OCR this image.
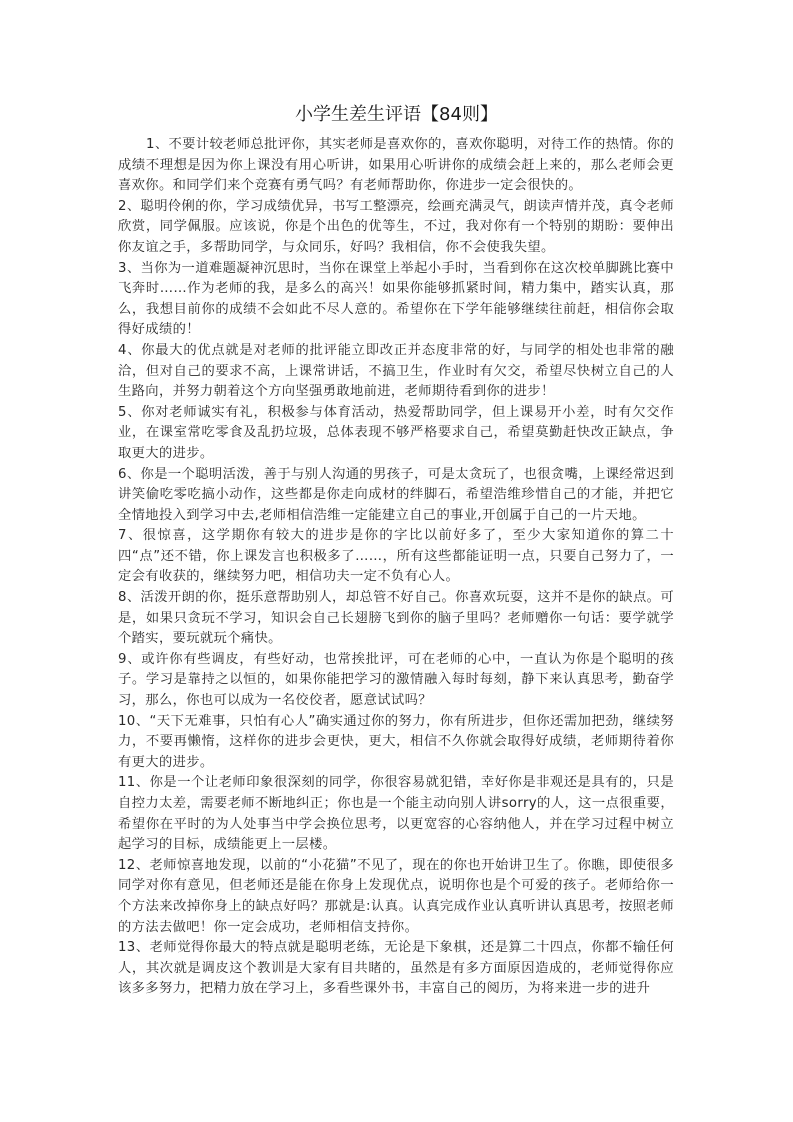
小学生差生评语【84则】

1、不要计较老师总批评你，其实老师是喜欢你的，喜欢你聪明，对待工作的热情。你的成绩不理想是因为你上课没有用心听讲，如果用心听讲你的成绩会赶上来的，那么老师会更喜欢你。和同学们来个竞赛有勇气吗？有老师帮助你，你进步一定会很快的。

2、聪明伶俐的你，学习成绩优异，书写工整漂亮，绘画充满灵气，朗读声情并茂，真令老师欣赏，同学佩服。应该说，你是个出色的优等生，不过，我对你有一个特别的期盼：要伸出你友谊之手，多帮助同学，与众同乐，好吗？我相信，你不会使我失望。

3、当你为一道难题凝神沉思时，当你在课堂上举起小手时，当看到你在这次校单脚跳比赛中飞奔时……作为老师的我，是多么的高兴！如果你能够抓紧时间，精力集中，踏实认真，那么，我想目前你的成绩不会如此不尽人意的。希望你在下学年能够继续往前赶，相信你会取得好成绩的！

4、你最大的优点就是对老师的批评能立即改正并态度非常的好，与同学的相处也非常的融洽，但对自己的要求不高，上课常讲话，不搞卫生，作业时有欠交，希望尽快树立自己的人生路向，并努力朝着这个方向坚强勇敢地前进，老师期待看到你的进步！

5、你对老师诚实有礼，积极参与体育活动，热爱帮助同学，但上课易开小差，时有欠交作业，在课室常吃零食及乱扔垃圾，总体表现不够严格要求自己，希望莫勤赶快改正缺点，争取更大的进步。

6、你是一个聪明活泼，善于与别人沟通的男孩子，可是太贪玩了，也很贪嘴，上课经常迟到讲笑偷吃零吃搞小动作，这些都是你走向成材的绊脚石，希望浩维珍惜自己的才能，并把它全情地投入到学习中去,老师相信浩维一定能建立自己的事业,开创属于自己的一片天地。

7、很惊喜，这学期你有较大的进步是你的字比以前好多了，至少大家知道你的算二十四“点”还不错，你上课发言也积极多了……，所有这些都能证明一点，只要自己努力了，一定会有收获的，继续努力吧，相信功夫一定不负有心人。

8、活泼开朗的你，挺乐意帮助别人，却总管不好自己。你喜欢玩耍，这并不是你的缺点。可是，如果只贪玩不学习，知识会自己长翅膀飞到你的脑子里吗？老师赠你一句话：要学就学个踏实，要玩就玩个痛快。

9、或许你有些调皮，有些好动，也常挨批评，可在老师的心中，一直认为你是个聪明的孩子。学习是靠持之以恒的，如果你能把学习的激情融入每时每刻，静下来认真思考，勤奋学习，那么，你也可以成为一名佼佼者，愿意试试吗？

10、“天下无难事，只怕有心人”确实通过你的努力，你有所进步，但你还需加把劲，继续努力，不要再懒惰，这样你的进步会更快，更大，相信不久你就会取得好成绩，老师期待着你有更大的进步。

11、你是一个让老师印象很深刻的同学，你很容易就犯错，幸好你是非观还是具有的，只是自控力太差，需要老师不断地纠正；你也是一个能主动向别人讲sorry的人，这一点很重要，希望你在平时的为人处事当中学会换位思考，以更宽容的心容纳他人，并在学习过程中树立起学习的目标，成绩能更上一层楼。

12、老师惊喜地发现，以前的“小花猫”不见了，现在的你也开始讲卫生了。你瞧，即使很多同学对你有意见，但老师还是能在你身上发现优点，说明你也是个可爱的孩子。老师给你一个方法来改掉你身上的缺点好吗？那就是:认真。认真完成作业认真听讲认真思考，按照老师的方法去做吧！你一定会成功，老师相信支持你。

13、老师觉得你最大的特点就是聪明老练，无论是下象棋，还是算二十四点，你都不输任何人，其次就是调皮这个教训是大家有目共睹的，虽然是有多方面原因造成的，老师觉得你应该多多努力，把精力放在学习上，多看些课外书，丰富自己的阅历，为将来进一步的进升
